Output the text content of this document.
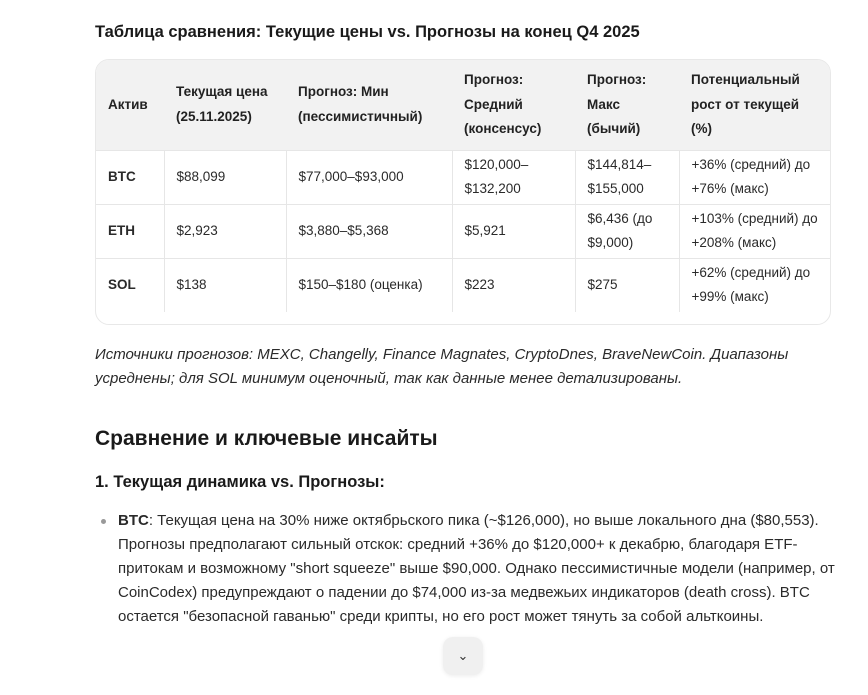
Таблица сравнения: Текущие цены vs. Прогнозы на конец Q4 2025
Актив	Текущая цена (25.11.2025)	Прогноз: Мин (пессимистичный)	Прогноз: Средний (консенсус)	Прогноз: Макс (бычий)	Потенциальный рост от текущей (%)
BTC	$88,099	$77,000–$93,000	$120,000–$132,200	$144,814–$155,000	+36% (средний) до +76% (макс)
ETH	$2,923	$3,880–$5,368	$5,921	$6,436 (до $9,000)	+103% (средний) до +208% (макс)
SOL	$138	$150–$180 (оценка)	$223	$275	+62% (средний) до +99% (макс)
Источники прогнозов: MEXC, Changelly, Finance Magnates, CryptoDnes, BraveNewCoin. Диапазоны усреднены; для SOL минимум оценочный, так как данные менее детализированы.
Сравнение и ключевые инсайты
1. Текущая динамика vs. Прогнозы:
BTC: Текущая цена на 30% ниже октябрьского пика (~$126,000), но выше локального дна ($80,553). Прогнозы предполагают сильный отскок: средний +36% до $120,000+ к декабрю, благодаря ETF-притокам и возможному "short squeeze" выше $90,000. Однако пессимистичные модели (например, от CoinCodex) предупреждают о падении до $74,000 из-за медвежьих индикаторов (death cross). BTC остается "безопасной гаванью" среди крипты, но его рост может тянуть за собой альткоины.
⌄
